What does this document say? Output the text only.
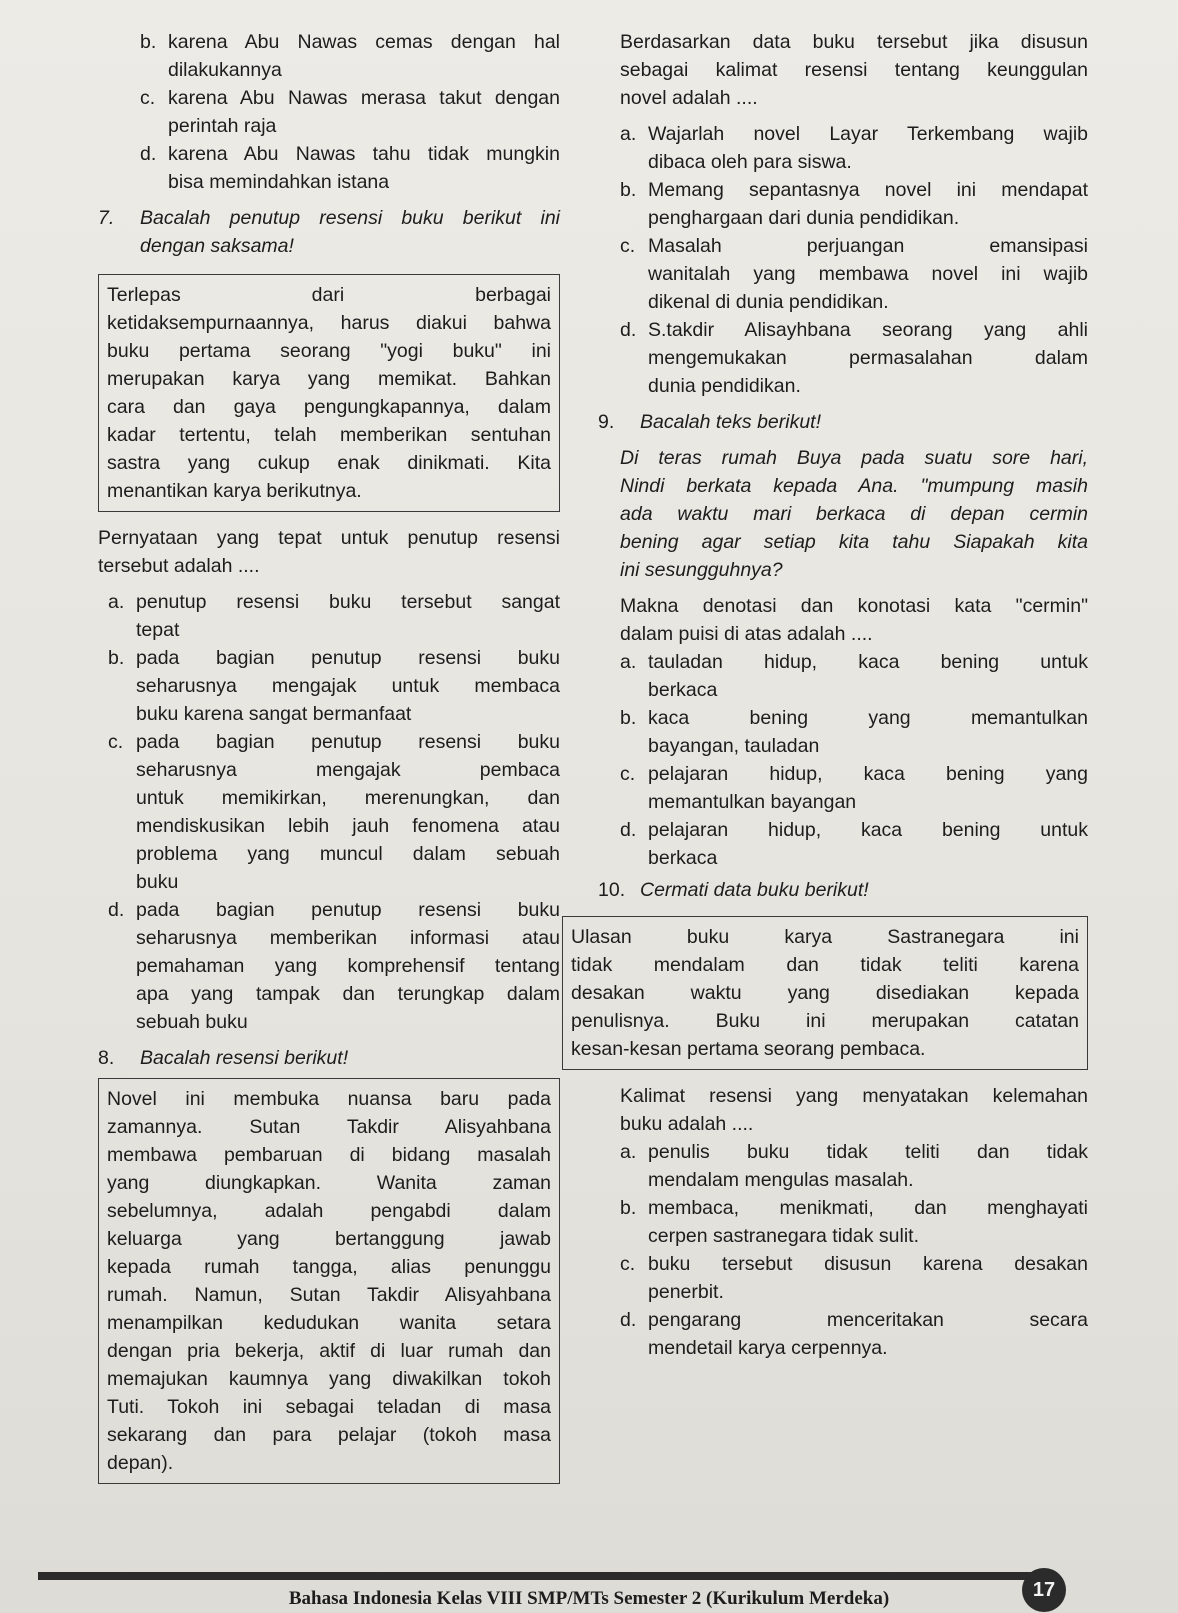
b. karena Abu Nawas cemas dengan hal
dilakukannya
c. karena Abu Nawas merasa takut dengan
perintah raja
d. karena Abu Nawas tahu tidak mungkin
bisa memindahkan istana
7.	Bacalah penutup resensi buku berikut ini
dengan saksama!
Terlepas dari berbagai
ketidaksempurnaannya, harus diakui bahwa
buku pertama seorang "yogi buku" ini
merupakan karya yang memikat. Bahkan
cara dan gaya pengungkapannya, dalam
kadar tertentu, telah memberikan sentuhan
sastra yang cukup enak dinikmati. Kita
menantikan karya berikutnya.
Pernyataan yang tepat untuk penutup resensi
tersebut adalah ....
a. penutup resensi buku tersebut sangat
tepat
b. pada bagian penutup resensi buku
seharusnya mengajak untuk membaca
buku karena sangat bermanfaat
c. pada bagian penutup resensi buku
seharusnya mengajak pembaca
untuk memikirkan, merenungkan, dan
mendiskusikan lebih jauh fenomena atau
problema yang muncul dalam sebuah
buku
d. pada bagian penutup resensi buku
seharusnya memberikan informasi atau
pemahaman yang komprehensif tentang
apa yang tampak dan terungkap dalam
sebuah buku
8.	Bacalah resensi berikut!
Novel ini membuka nuansa baru pada
zamannya. Sutan Takdir Alisyahbana
membawa pembaruan di bidang masalah
yang diungkapkan. Wanita zaman
sebelumnya, adalah pengabdi dalam
keluarga yang bertanggung jawab
kepada rumah tangga, alias penunggu
rumah. Namun, Sutan Takdir Alisyahbana
menampilkan kedudukan wanita setara
dengan pria bekerja, aktif di luar rumah dan
memajukan kaumnya yang diwakilkan tokoh
Tuti. Tokoh ini sebagai teladan di masa
sekarang dan para pelajar (tokoh masa
depan).
Berdasarkan data buku tersebut jika disusun
sebagai kalimat resensi tentang keunggulan
novel adalah ....
a. Wajarlah novel Layar Terkembang wajib
dibaca oleh para siswa.
b. Memang sepantasnya novel ini mendapat
penghargaan dari dunia pendidikan.
c. Masalah perjuangan emansipasi
wanitalah yang membawa novel ini wajib
dikenal di dunia pendidikan.
d. S.takdir Alisayhbana seorang yang ahli
mengemukakan permasalahan dalam
dunia pendidikan.
9.	Bacalah teks berikut!
Di teras rumah Buya pada suatu sore hari,
Nindi berkata kepada Ana. "mumpung masih
ada waktu mari berkaca di depan cermin
bening agar setiap kita tahu Siapakah kita
ini sesungguhnya?
Makna denotasi dan konotasi kata "cermin"
dalam puisi di atas adalah ....
a. tauladan hidup, kaca bening untuk
berkaca
b. kaca bening yang memantulkan
bayangan, tauladan
c. pelajaran hidup, kaca bening yang
memantulkan bayangan
d. pelajaran hidup, kaca bening untuk
berkaca
10. Cermati data buku berikut!
Ulasan buku karya Sastranegara ini
tidak mendalam dan tidak teliti karena
desakan waktu yang disediakan kepada
penulisnya. Buku ini merupakan catatan
kesan-kesan pertama seorang pembaca.
Kalimat resensi yang menyatakan kelemahan
buku adalah ....
a. penulis buku tidak teliti dan tidak
mendalam mengulas masalah.
b. membaca, menikmati, dan menghayati
cerpen sastranegara tidak sulit.
c. buku tersebut disusun karena desakan
penerbit.
d. pengarang menceritakan secara
mendetail karya cerpennya.
Bahasa Indonesia Kelas VIII SMP/MTs Semester 2 (Kurikulum Merdeka)	17
